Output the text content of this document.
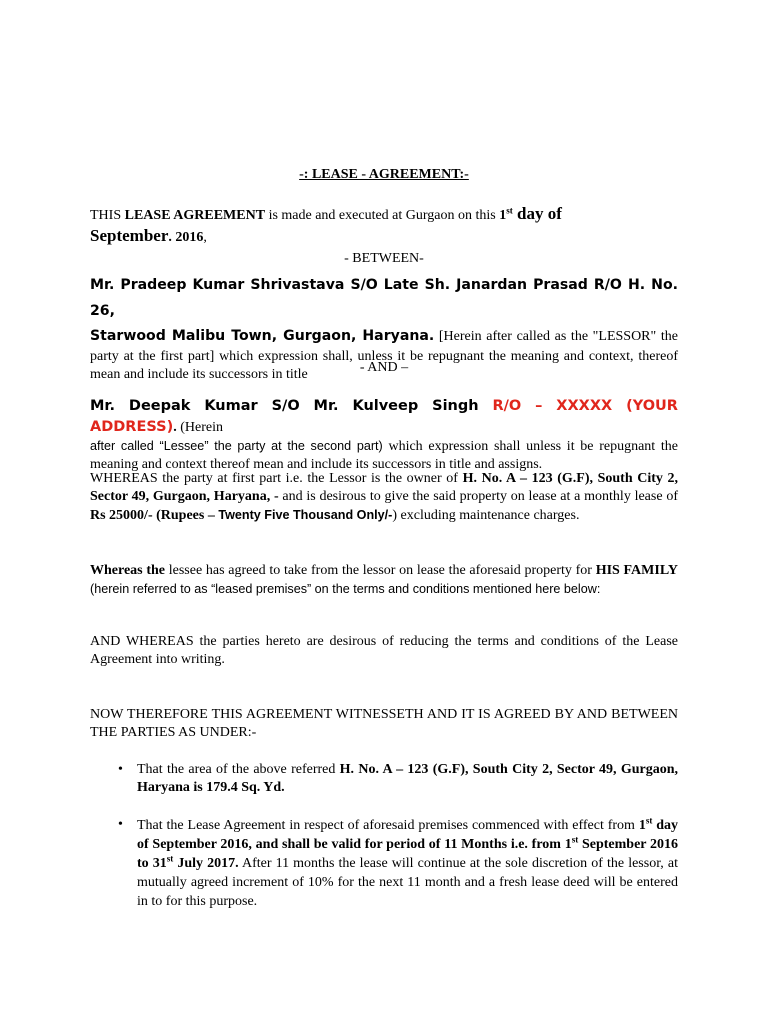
-: LEASE - AGREEMENT:-
THIS LEASE AGREEMENT is made and executed at Gurgaon on this 1st day of
September. 2016,
- BETWEEN-
Mr. Pradeep Kumar Shrivastava S/O Late Sh. Janardan Prasad R/O H. No. 26,
Starwood Malibu Town, Gurgaon, Haryana. [Herein after called as the "LESSOR" the party at the first part] which expression shall, unless it be repugnant the meaning and context, thereof mean and include its successors in title	- AND –
Mr. Deepak Kumar S/O Mr. Kulveep Singh R/O – XXXXX (YOUR ADDRESS). (Herein
after called “Lessee” the party at the second part) which expression shall unless it be repugnant the meaning and context thereof mean and include its successors in title and assigns.
WHEREAS the party at first part i.e. the Lessor is the owner of H. No. A – 123 (G.F), South City 2, Sector 49, Gurgaon, Haryana, - and is desirous to give the said property on lease at a monthly lease of Rs 25000/- (Rupees – Twenty Five Thousand Only/-) excluding maintenance charges.
Whereas the lessee has agreed to take from the lessor on lease the aforesaid property for HIS FAMILY (herein referred to as “leased premises” on the terms and conditions mentioned here below:
AND WHEREAS the parties hereto are desirous of reducing the terms and conditions of the Lease Agreement into writing.
NOW THEREFORE THIS AGREEMENT WITNESSETH AND IT IS AGREED BY AND BETWEEN THE PARTIES AS UNDER:-
• That the area of the above referred H. No. A – 123 (G.F), South City 2, Sector 49, Gurgaon, Haryana is 179.4 Sq. Yd.
• That the Lease Agreement in respect of aforesaid premises commenced with effect from 1st day of September 2016, and shall be valid for period of 11 Months i.e. from 1st September 2016 to 31st July 2017. After 11 months the lease will continue at the sole discretion of the lessor, at mutually agreed increment of 10% for the next 11 month and a fresh lease deed will be entered in to for this purpose.
